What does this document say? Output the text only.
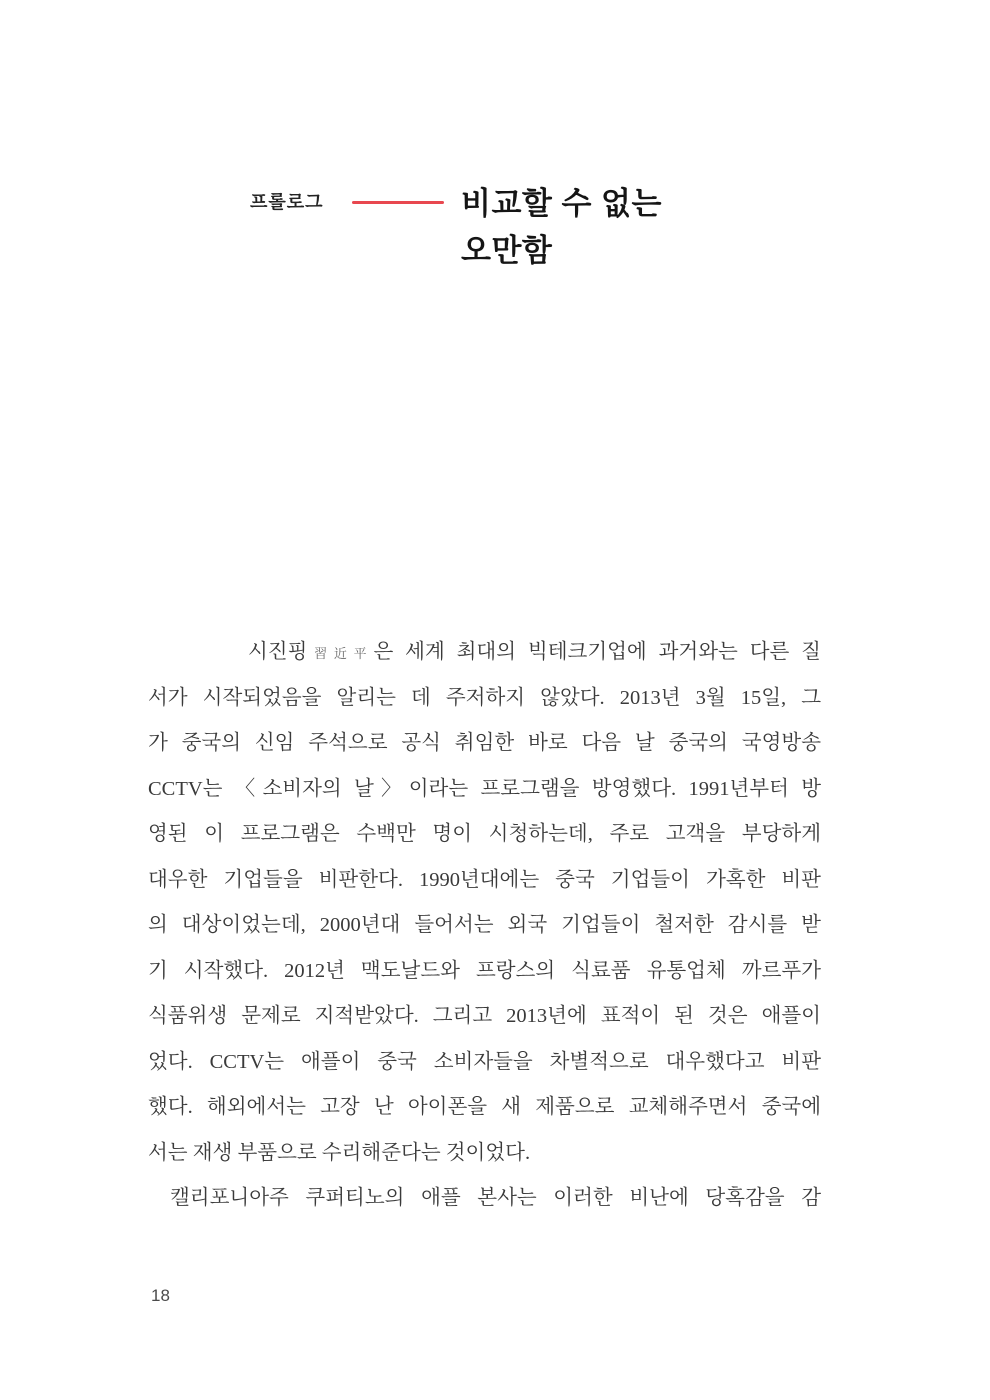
프롤로그	비교할 수 없는
오만함
시진핑習近平은 세계 최대의 빅테크기업에 과거와는 다른 질
서가 시작되었음을 알리는 데 주저하지 않았다. 2013년 3월 15일, 그
가 중국의 신임 주석으로 공식 취임한 바로 다음 날 중국의 국영방송
CCTV는 〈소비자의 날〉이라는 프로그램을 방영했다. 1991년부터 방
영된 이 프로그램은 수백만 명이 시청하는데, 주로 고객을 부당하게
대우한 기업들을 비판한다. 1990년대에는 중국 기업들이 가혹한 비판
의 대상이었는데, 2000년대 들어서는 외국 기업들이 철저한 감시를 받
기 시작했다. 2012년 맥도날드와 프랑스의 식료품 유통업체 까르푸가
식품위생 문제로 지적받았다. 그리고 2013년에 표적이 된 것은 애플이
었다. CCTV는 애플이 중국 소비자들을 차별적으로 대우했다고 비판
했다. 해외에서는 고장 난 아이폰을 새 제품으로 교체해주면서 중국에
서는 재생 부품으로 수리해준다는 것이었다.
캘리포니아주 쿠퍼티노의 애플 본사는 이러한 비난에 당혹감을 감
18
